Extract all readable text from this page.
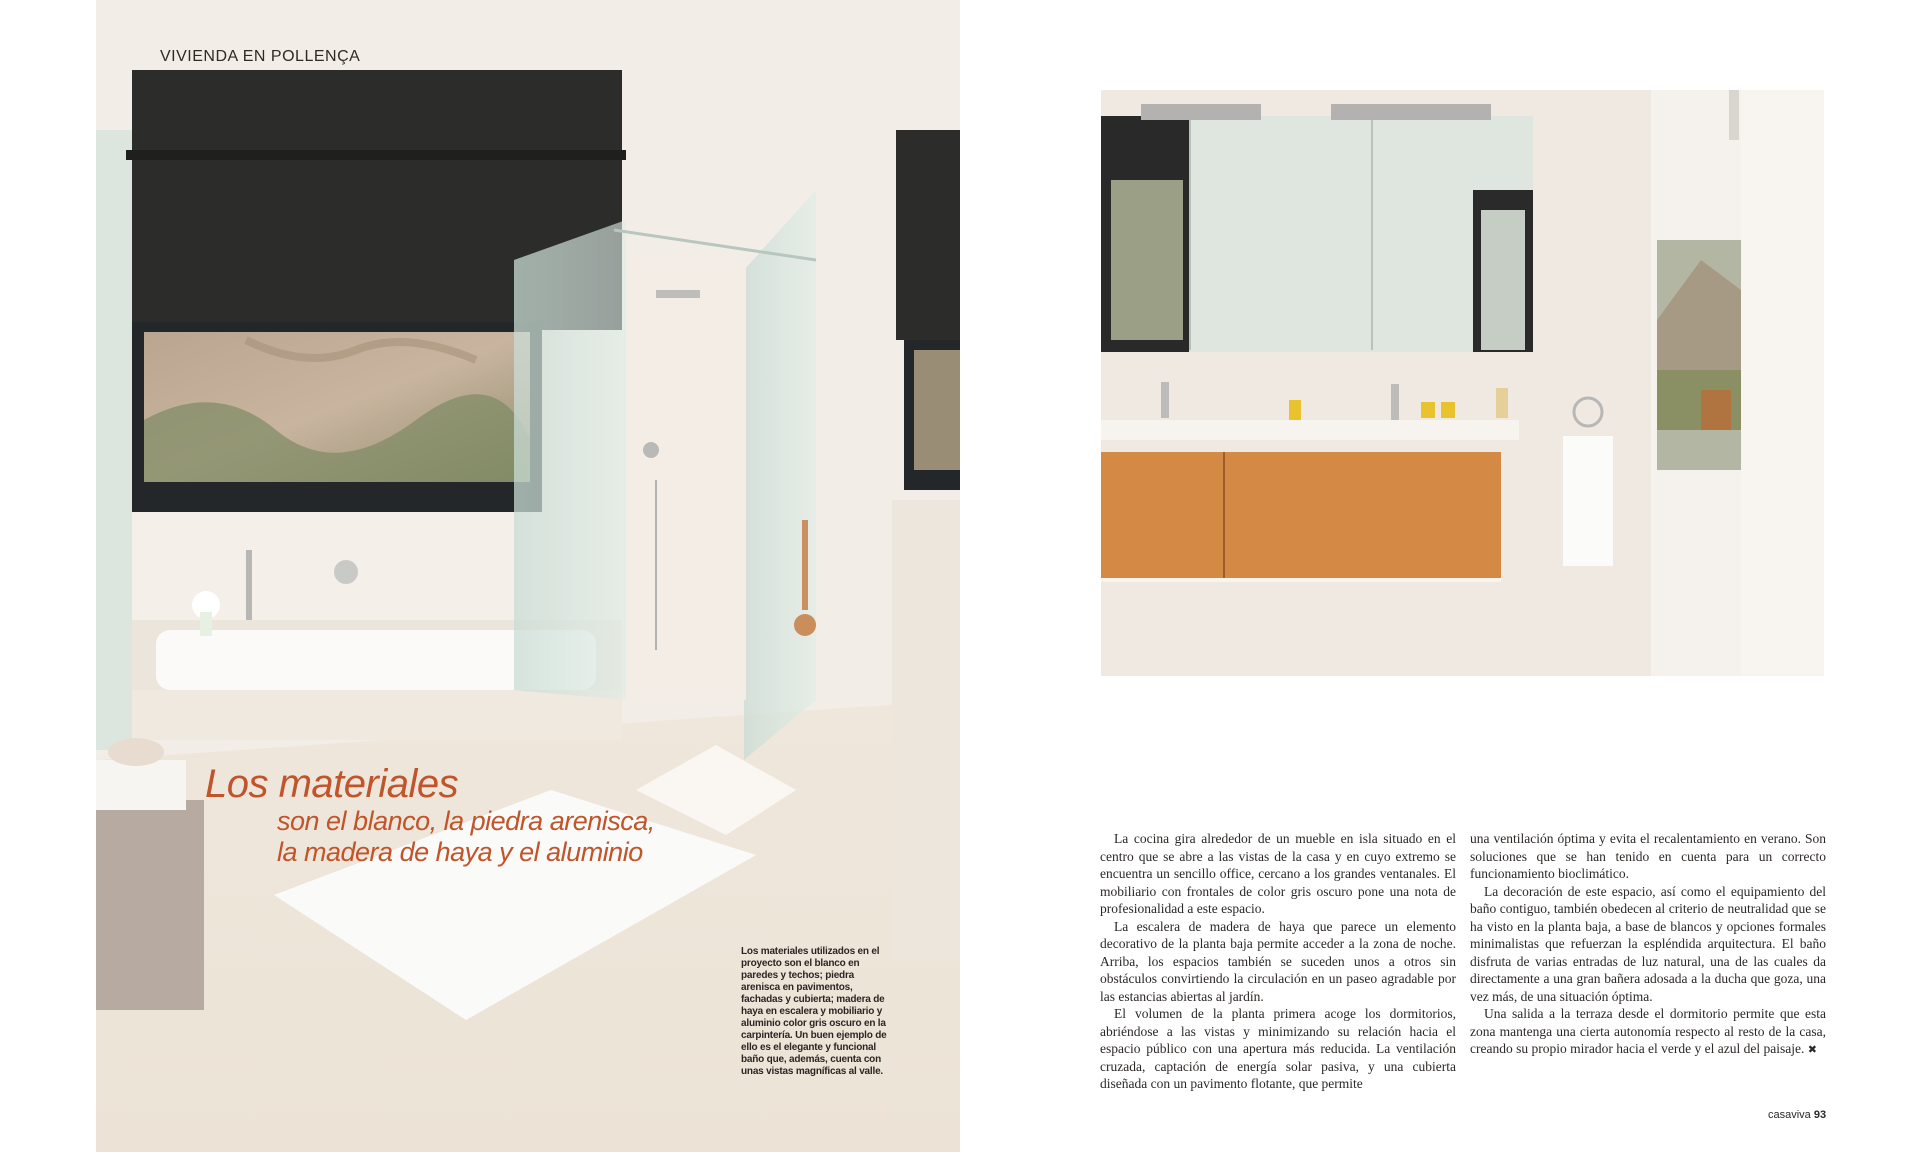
VIVIENDA EN POLLENÇA
Los materiales
son el blanco, la piedra arenisca,
la madera de haya y el aluminio
Los materiales utilizados en el proyecto son el blanco en paredes y techos; piedra arenisca en pavimentos, fachadas y cubierta; madera de haya en escalera y mobiliario y aluminio color gris oscuro en la carpintería. Un buen ejemplo de ello es el elegante y funcional baño que, además, cuenta con unas vistas magníficas al valle.

La cocina gira alrededor de un mueble en isla situado en el centro que se abre a las vistas de la casa y en cuyo extremo se encuentra un sencillo office, cercano a los grandes ventanales. El mobiliario con frontales de color gris oscuro pone una nota de profesionalidad a este espacio.

La escalera de madera de haya que parece un elemento decorativo de la planta baja permite acceder a la zona de noche. Arriba, los espacios también se suceden unos a otros sin obstáculos convirtiendo la circulación en un paseo agradable por las estancias abiertas al jardín.

El volumen de la planta primera acoge los dormitorios, abriéndose a las vistas y minimizando su relación hacia el espacio público con una apertura más reducida. La ventilación cruzada, captación de energía solar pasiva, y una cubierta diseñada con un pavimento flotante, que permite

una ventilación óptima y evita el recalentamiento en verano. Son soluciones que se han tenido en cuenta para un correcto funcionamiento bioclimático.

La decoración de este espacio, así como el equipamiento del baño contiguo, también obedecen al criterio de neutralidad que se ha visto en la planta baja, a base de blancos y opciones formales minimalistas que refuerzan la espléndida arquitectura. El baño disfruta de varias entradas de luz natural, una de las cuales da directamente a una gran bañera adosada a la ducha que goza, una vez más, de una situación óptima.

Una salida a la terraza desde el dormitorio permite que esta zona mantenga una cierta autonomía respecto al resto de la casa, creando su propio mirador hacia el verde y el azul del paisaje. ✖

casaviva 93
